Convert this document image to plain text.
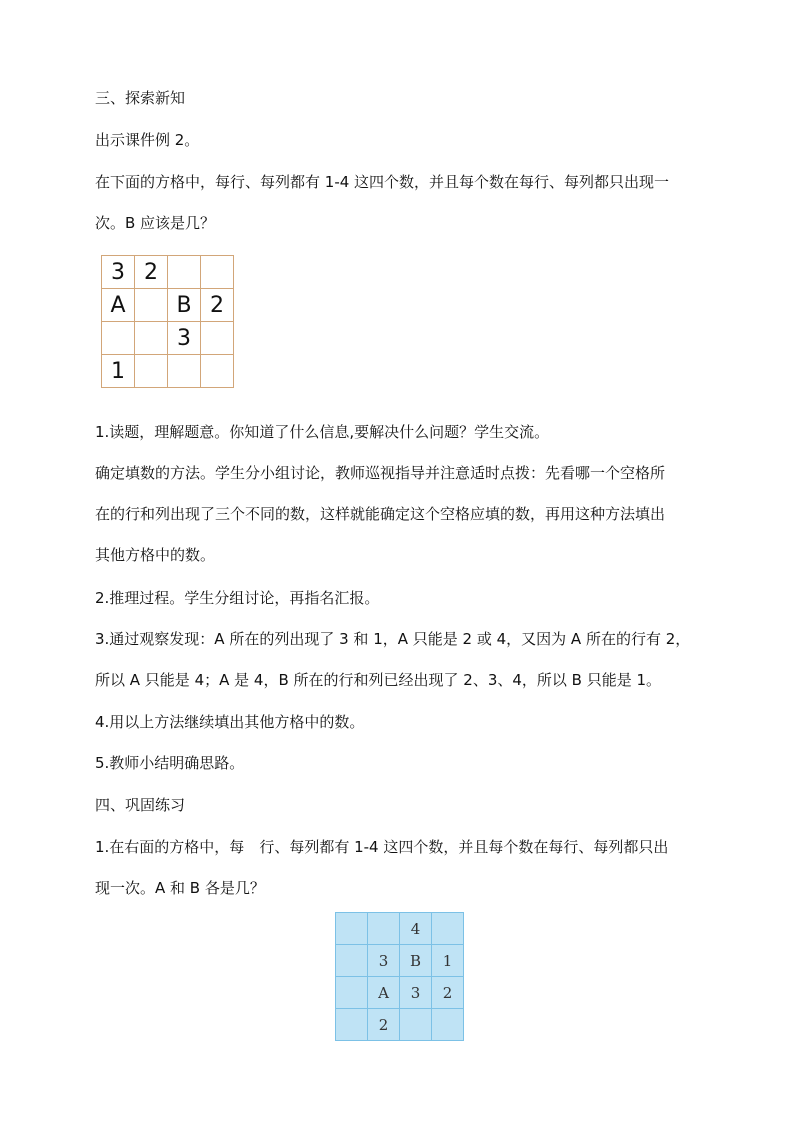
三、探索新知
出示课件例 2。
在下面的方格中，每行、每列都有 1-4 这四个数，并且每个数在每行、每列都只出现一
次。B 应该是几？
3	2		
A		B	2
		3	
1			
1.读题，理解题意。你知道了什么信息,要解决什么问题？学生交流。
确定填数的方法。学生分小组讨论，教师巡视指导并注意适时点拨：先看哪一个空格所
在的行和列出现了三个不同的数，这样就能确定这个空格应填的数，再用这种方法填出
其他方格中的数。
2.推理过程。学生分组讨论，再指名汇报。
3.通过观察发现：A 所在的列出现了 3 和 1，A 只能是 2 或 4，又因为 A 所在的行有 2，
所以 A 只能是 4；A 是 4，B 所在的行和列已经出现了 2、3、4，所以 B 只能是 1。
4.用以上方法继续填出其他方格中的数。
5.教师小结明确思路。
四、巩固练习
1.在右面的方格中，每　行、每列都有 1-4 这四个数，并且每个数在每行、每列都只出
现一次。A 和 B 各是几？
		4	
	3	B	1
	A	3	2
	2		
